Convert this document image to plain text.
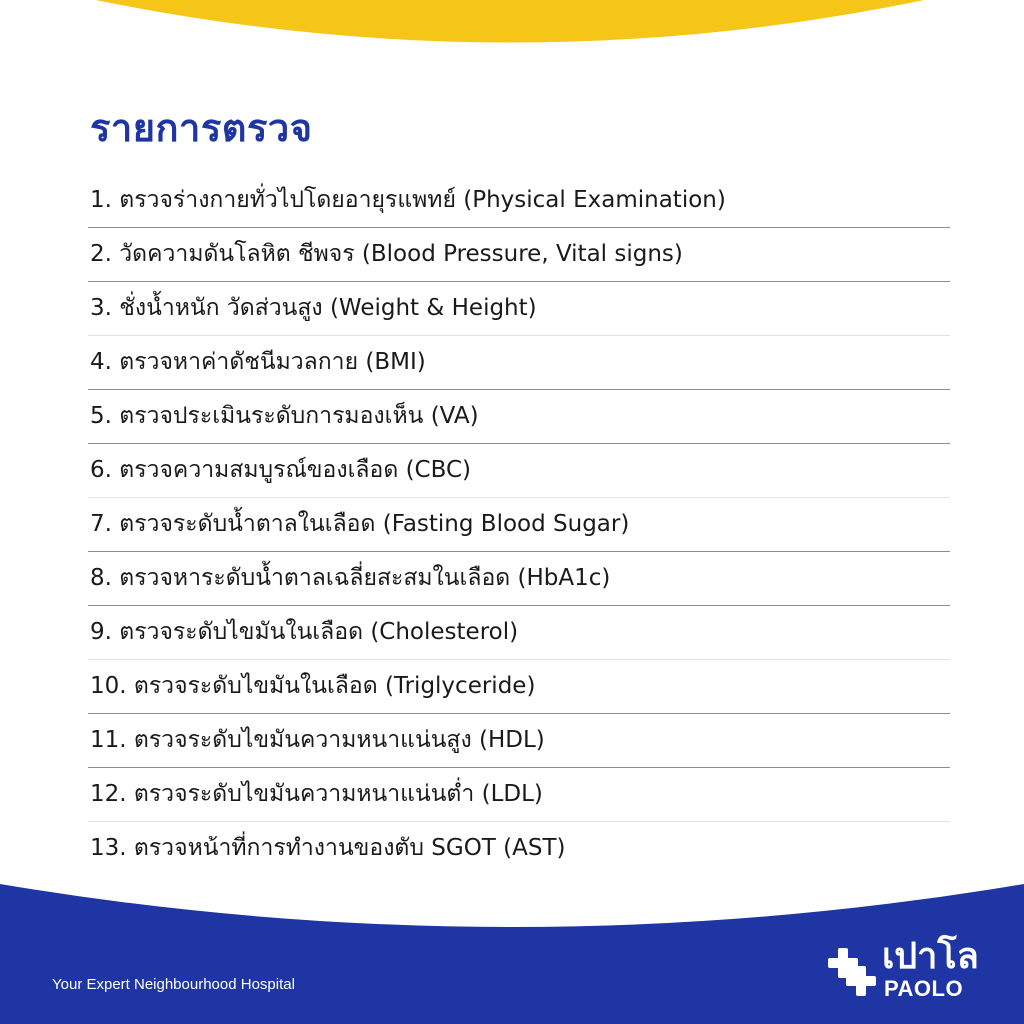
รายการตรวจ
1. ตรวจร่างกายทั่วไปโดยอายุรแพทย์ (Physical Examination)
2. วัดความดันโลหิต ชีพจร (Blood Pressure, Vital signs)
3. ชั่งน้ำหนัก วัดส่วนสูง (Weight & Height)
4. ตรวจหาค่าดัชนีมวลกาย (BMI)
5. ตรวจประเมินระดับการมองเห็น (VA)
6. ตรวจความสมบูรณ์ของเลือด (CBC)
7. ตรวจระดับน้ำตาลในเลือด (Fasting Blood Sugar)
8. ตรวจหาระดับน้ำตาลเฉลี่ยสะสมในเลือด (HbA1c)
9. ตรวจระดับไขมันในเลือด (Cholesterol)
10. ตรวจระดับไขมันในเลือด (Triglyceride)
11. ตรวจระดับไขมันความหนาแน่นสูง (HDL)
12. ตรวจระดับไขมันความหนาแน่นต่ำ (LDL)
13. ตรวจหน้าที่การทำงานของตับ SGOT (AST)
Your Expert Neighbourhood Hospital
เปาโล
PAOLO
